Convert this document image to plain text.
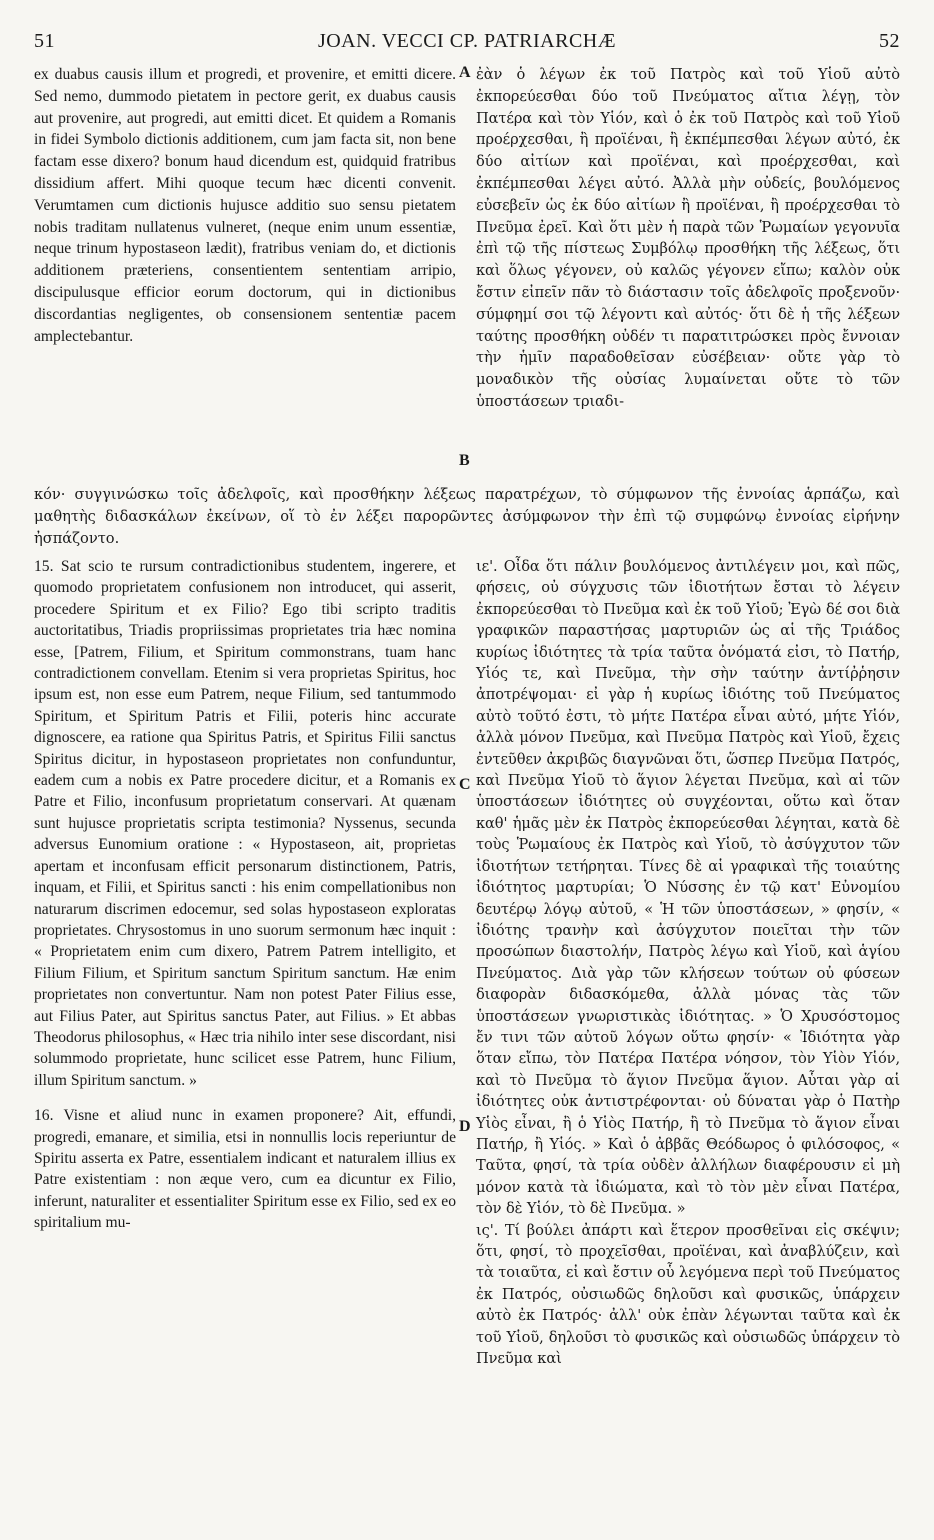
51	JOAN. VECCI CP. PATRIARCHÆ	52

ex duabus causis illum et progredi, et provenire, et emitti dicere. Sed nemo, dummodo pietatem in pectore gerit, ex duabus causis aut provenire, aut progredi, aut emitti dicet. Et quidem a Romanis in fidei Symbolo dictionis additionem, cum jam facta sit, non bene factam esse dixero? bonum haud dicendum est, quidquid fratribus dissidium affert. Mihi quoque tecum hæc dicenti convenit. Verumtamen cum dictionis hujusce additio suo sensu pietatem nobis traditam nullatenus vulneret, (neque enim unum essentiæ, neque trinum hypostaseon lædit), fratribus veniam do, et dictionis additionem præteriens, consentientem sententiam arripio, discipulusque efficior eorum doctorum, qui in dictionibus discordantias negligentes, ob consensionem sententiæ pacem amplectebantur.

ἐὰν ὁ λέγων ἐκ τοῦ Πατρὸς καὶ τοῦ Υἱοῦ αὐτὸ ἐκπορεύεσθαι δύο τοῦ Πνεύματος αἴτια λέγῃ, τὸν Πατέρα καὶ τὸν Υἱόν, καὶ ὁ ἐκ τοῦ Πατρὸς καὶ τοῦ Υἱοῦ προέρχεσθαι, ἢ προϊέναι, ἢ ἐκπέμπεσθαι λέγων αὐτό, ἐκ δύο αἰτίων καὶ προϊέναι, καὶ προέρχεσθαι, καὶ ἐκπέμπεσθαι λέγει αὐτό. Ἀλλὰ μὴν οὐδείς, βουλόμενος εὐσεβεῖν ὡς ἐκ δύο αἰτίων ἢ προϊέναι, ἢ προέρχεσθαι τὸ Πνεῦμα ἐρεῖ. Καὶ ὅτι μὲν ἡ παρὰ τῶν Ῥωμαίων γεγονυῖα ἐπὶ τῷ τῆς πίστεως Συμβόλῳ προσθήκη τῆς λέξεως, ὅτι καὶ ὅλως γέγονεν, οὐ καλῶς γέγονεν εἴπω; καλὸν οὐκ ἔστιν εἰπεῖν πᾶν τὸ διάστασιν τοῖς ἀδελφοῖς προξενοῦν· σύμφημί σοι τῷ λέγοντι καὶ αὐτός· ὅτι δὲ ἡ τῆς λέξεων ταύτης προσθήκη οὐδέν τι παρατιτρώσκει πρὸς ἔννοιαν τὴν ἡμῖν παραδοθεῖσαν εὐσέβειαν· οὔτε γὰρ τὸ μοναδικὸν τῆς οὐσίας λυμαίνεται οὔτε τὸ τῶν ὑποστάσεων τριαδι-

κόν· συγγινώσκω τοῖς ἀδελφοῖς, καὶ προσθήκην λέξεως παρατρέχων, τὸ σύμφωνον τῆς ἐννοίας ἁρπάζω, καὶ μαθητὴς διδασκάλων ἐκείνων, οἵ τὸ ἐν λέξει παρορῶντες ἀσύμφωνον τὴν ἐπὶ τῷ συμφώνῳ ἐννοίας εἰρήνην ἠσπάζοντο.

15. Sat scio te rursum contradictionibus studentem, ingerere, et quomodo proprietatem confusionem non introducet, qui asserit, procedere Spiritum et ex Filio? Ego tibi scripto traditis auctoritatibus, Triadis propriissimas proprietates tria hæc nomina esse, [Patrem, Filium, et Spiritum commonstrans, tuam hanc contradictionem convellam. Etenim si vera proprietas Spiritus, hoc ipsum est, non esse eum Patrem, neque Filium, sed tantummodo Spiritum, et Spiritum Patris et Filii, poteris hinc accurate dignoscere, ea ratione qua Spiritus Patris, et Spiritus Filii sanctus Spiritus dicitur, in hypostaseon proprietates non confunduntur, eadem cum a nobis ex Patre procedere dicitur, et a Romanis ex Patre et Filio, inconfusum proprietatum conservari. At quænam sunt hujusce proprietatis scripta testimonia? Nyssenus, secunda adversus Eunomium oratione : « Hypostaseon, ait, proprietas apertam et inconfusam efficit personarum distinctionem, Patris, inquam, et Filii, et Spiritus sancti : his enim compellationibus non naturarum discrimen edocemur, sed solas hypostaseon exploratas proprietates. Chrysostomus in uno suorum sermonum hæc inquit : « Proprietatem enim cum dixero, Patrem Patrem intelligito, et Filium Filium, et Spiritum sanctum Spiritum sanctum. Hæ enim proprietates non convertuntur. Nam non potest Pater Filius esse, aut Filius Pater, aut Spiritus sanctus Pater, aut Filius. » Et abbas Theodorus philosophus, « Hæc tria nihilo inter sese discordant, nisi solummodo proprietate, hunc scilicet esse Patrem, hunc Filium, illum Spiritum sanctum. »

16. Visne et aliud nunc in examen proponere? Ait, effundi, progredi, emanare, et similia, etsi in nonnullis locis reperiuntur de Spiritu asserta ex Patre, essentialem indicant et naturalem illius ex Patre existentiam : non æque vero, cum ea dicuntur ex Filio, inferunt, naturaliter et essentialiter Spiritum esse ex Filio, sed ex eo spiritalium mu-

ιε'. Οἶδα ὅτι πάλιν βουλόμενος ἀντιλέγειν μοι, καὶ πῶς, φήσεις, οὐ σύγχυσις τῶν ἰδιοτήτων ἔσται τὸ λέγειν ἐκπορεύεσθαι τὸ Πνεῦμα καὶ ἐκ τοῦ Υἱοῦ; Ἐγὼ δέ σοι διὰ γραφικῶν παραστήσας μαρτυριῶν ὡς αἱ τῆς Τριάδος κυρίως ἰδιότητες τὰ τρία ταῦτα ὀνόματά εἰσι, τὸ Πατήρ, Υἱός τε, καὶ Πνεῦμα, τὴν σὴν ταύτην ἀντίῤῥησιν ἀποτρέψομαι· εἰ γὰρ ἡ κυρίως ἰδιότης τοῦ Πνεύματος αὐτὸ τοῦτό ἐστι, τὸ μήτε Πατέρα εἶναι αὐτό, μήτε Υἱόν, ἀλλὰ μόνον Πνεῦμα, καὶ Πνεῦμα Πατρὸς καὶ Υἱοῦ, ἔχεις ἐντεῦθεν ἀκριβῶς διαγνῶναι ὅτι, ὥσπερ Πνεῦμα Πατρός, καὶ Πνεῦμα Υἱοῦ τὸ ἅγιον λέγεται Πνεῦμα, καὶ αἱ τῶν ὑποστάσεων ἰδιότητες οὐ συγχέονται, οὕτω καὶ ὅταν καθ' ἡμᾶς μὲν ἐκ Πατρὸς ἐκπορεύεσθαι λέγηται, κατὰ δὲ τοὺς Ῥωμαίους ἐκ Πατρὸς καὶ Υἱοῦ, τὸ ἀσύγχυτον τῶν ἰδιοτήτων τετήρηται. Τίνες δὲ αἱ γραφικαὶ τῆς τοιαύτης ἰδιότητος μαρτυρίαι; Ὁ Νύσσης ἐν τῷ κατ' Εὐνομίου δευτέρῳ λόγῳ αὐτοῦ, « Ἡ τῶν ὑποστάσεων, » φησίν, « ἰδιότης τρανὴν καὶ ἀσύγχυτον ποιεῖται τὴν τῶν προσώπων διαστολήν, Πατρὸς λέγω καὶ Υἱοῦ, καὶ ἁγίου Πνεύματος. Διὰ γὰρ τῶν κλήσεων τούτων οὐ φύσεων διαφορὰν διδασκόμεθα, ἀλλὰ μόνας τὰς τῶν ὑποστάσεων γνωριστικὰς ἰδιότητας. » Ὁ Χρυσόστομος ἔν τινι τῶν αὐτοῦ λόγων οὕτω φησίν· « Ἰδιότητα γὰρ ὅταν εἴπω, τὸν Πατέρα Πατέρα νόησον, τὸν Υἱὸν Υἱόν, καὶ τὸ Πνεῦμα τὸ ἅγιον Πνεῦμα ἅγιον. Αὗται γὰρ αἱ ἰδιότητες οὐκ ἀντιστρέφονται· οὐ δύναται γὰρ ὁ Πατὴρ Υἱὸς εἶναι, ἢ ὁ Υἱὸς Πατήρ, ἢ τὸ Πνεῦμα τὸ ἅγιον εἶναι Πατήρ, ἢ Υἱός. » Καὶ ὁ ἀββᾶς Θεόδωρος ὁ φιλόσοφος, « Ταῦτα, φησί, τὰ τρία οὐδὲν ἀλλήλων διαφέρουσιν εἰ μὴ μόνον κατὰ τὰ ἰδιώματα, καὶ τὸ τὸν μὲν εἶναι Πατέρα, τὸν δὲ Υἱόν, τὸ δὲ Πνεῦμα. »

ις'. Τί βούλει ἀπάρτι καὶ ἕτερον προσθεῖναι εἰς σκέψιν; ὅτι, φησί, τὸ προχεῖσθαι, προϊέναι, καὶ ἀναβλύζειν, καὶ τὰ τοιαῦτα, εἰ καὶ ἔστιν οὗ λεγόμενα περὶ τοῦ Πνεύματος ἐκ Πατρός, οὐσιωδῶς δηλοῦσι καὶ φυσικῶς, ὑπάρχειν αὐτὸ ἐκ Πατρός· ἀλλ' οὐκ ἐπὰν λέγωνται ταῦτα καὶ ἐκ τοῦ Υἱοῦ, δηλοῦσι τὸ φυσικῶς καὶ οὐσιωδῶς ὑπάρχειν τὸ Πνεῦμα καὶ

A
B
C
D
